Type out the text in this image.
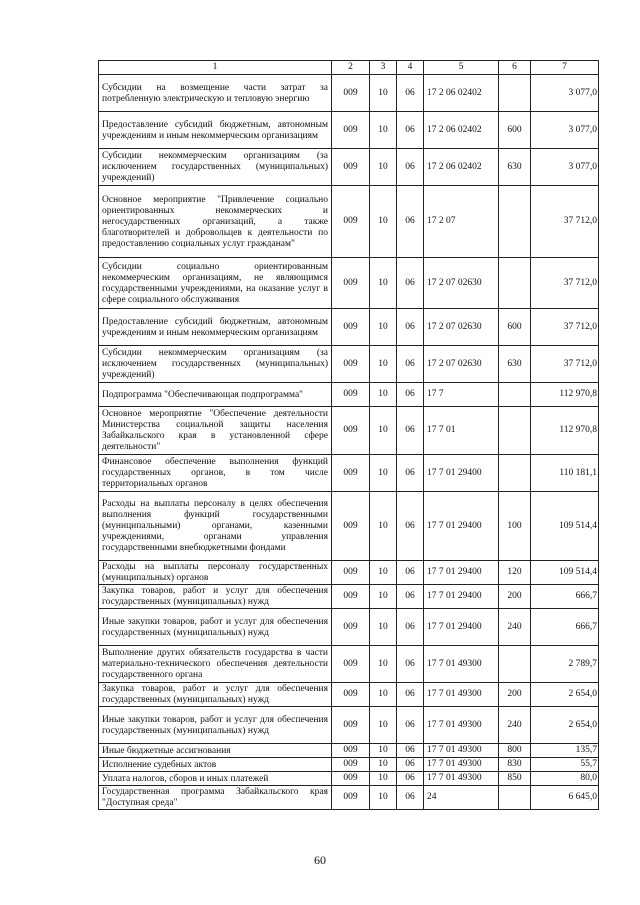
1	2	3	4	5	6	7
Субсидии на возмещение части затрат за потребленную электрическую и тепловую энергию	009	10	06	17 2 06 02402		3 077,0
Предоставление субсидий бюджетным, автономным учреждениям и иным некоммерческим организациям	009	10	06	17 2 06 02402	600	3 077,0
Субсидии некоммерческим организациям (за исключением государственных (муниципальных) учреждений)	009	10	06	17 2 06 02402	630	3 077,0
Основное мероприятие "Привлечение социально ориентированных некоммерческих и негосударственных организаций, а также благотворителей и добровольцев к деятельности по предоставлению социальных услуг гражданам"	009	10	06	17 2 07		37 712,0
Субсидии социально ориентированным некоммерческим организациям, не являющимся государственными учреждениями, на оказание услуг в сфере социального обслуживания	009	10	06	17 2 07 02630		37 712,0
Предоставление субсидий бюджетным, автономным учреждениям и иным некоммерческим организациям	009	10	06	17 2 07 02630	600	37 712,0
Субсидии некоммерческим организациям (за исключением государственных (муниципальных) учреждений)	009	10	06	17 2 07 02630	630	37 712,0
Подпрограмма "Обеспечивающая подпрограмма"	009	10	06	17 7		112 970,8
Основное мероприятие "Обеспечение деятельности Министерства социальной защиты населения Забайкальского края в установленной сфере деятельности"	009	10	06	17 7 01		112 970,8
Финансовое обеспечение выполнения функций государственных органов, в том числе территориальных органов	009	10	06	17 7 01 29400		110 181,1
Расходы на выплаты персоналу в целях обеспечения выполнения функций государственными (муниципальными) органами, казенными учреждениями, органами управления государственными внебюджетными фондами	009	10	06	17 7 01 29400	100	109 514,4
Расходы на выплаты персоналу государственных (муниципальных) органов	009	10	06	17 7 01 29400	120	109 514,4
Закупка товаров, работ и услуг для обеспечения государственных (муниципальных) нужд	009	10	06	17 7 01 29400	200	666,7
Иные закупки товаров, работ и услуг для обеспечения государственных (муниципальных) нужд	009	10	06	17 7 01 29400	240	666,7
Выполнение других обязательств государства в части материально-технического обеспечения деятельности государственного органа	009	10	06	17 7 01 49300		2 789,7
Закупка товаров, работ и услуг для обеспечения государственных (муниципальных) нужд	009	10	06	17 7 01 49300	200	2 654,0
Иные закупки товаров, работ и услуг для обеспечения государственных (муниципальных) нужд	009	10	06	17 7 01 49300	240	2 654,0
Иные бюджетные ассигнования	009	10	06	17 7 01 49300	800	135,7
Исполнение судебных актов	009	10	06	17 7 01 49300	830	55,7
Уплата налогов, сборов и иных платежей	009	10	06	17 7 01 49300	850	80,0
Государственная программа Забайкальского края "Доступная среда"	009	10	06	24		6 645,0
60
